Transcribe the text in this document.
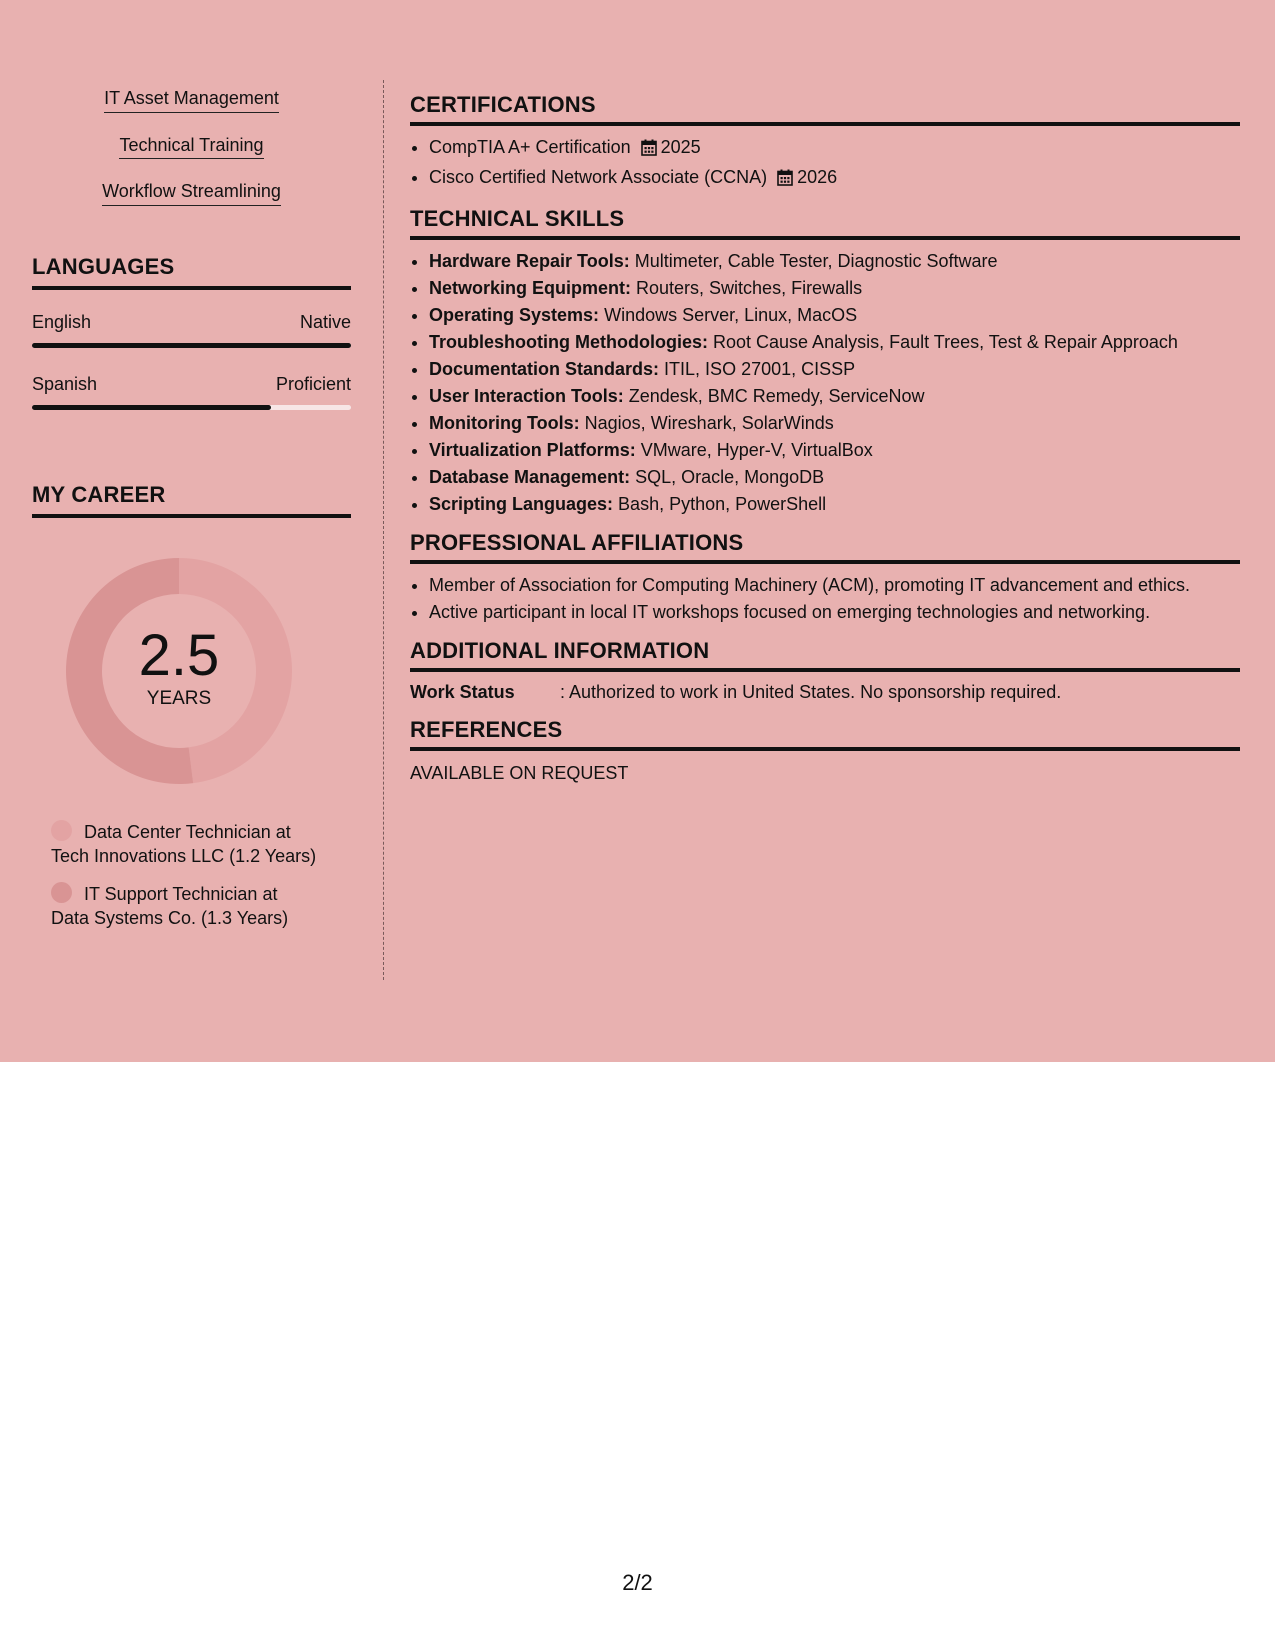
IT Asset Management
Technical Training
Workflow Streamlining
LANGUAGES
English	Native
Spanish	Proficient
MY CAREER
2.5
YEARS
Data Center Technician at
Tech Innovations LLC (1.2 Years)
IT Support Technician at
Data Systems Co. (1.3 Years)
CERTIFICATIONS
• CompTIA A+ Certification 2025
• Cisco Certified Network Associate (CCNA) 2026
TECHNICAL SKILLS
• Hardware Repair Tools: Multimeter, Cable Tester, Diagnostic Software
• Networking Equipment: Routers, Switches, Firewalls
• Operating Systems: Windows Server, Linux, MacOS
• Troubleshooting Methodologies: Root Cause Analysis, Fault Trees, Test & Repair Approach
• Documentation Standards: ITIL, ISO 27001, CISSP
• User Interaction Tools: Zendesk, BMC Remedy, ServiceNow
• Monitoring Tools: Nagios, Wireshark, SolarWinds
• Virtualization Platforms: VMware, Hyper-V, VirtualBox
• Database Management: SQL, Oracle, MongoDB
• Scripting Languages: Bash, Python, PowerShell
PROFESSIONAL AFFILIATIONS
• Member of Association for Computing Machinery (ACM), promoting IT advancement and ethics.
• Active participant in local IT workshops focused on emerging technologies and networking.
ADDITIONAL INFORMATION
Work Status	: Authorized to work in United States. No sponsorship required.
REFERENCES
AVAILABLE ON REQUEST
2/2
